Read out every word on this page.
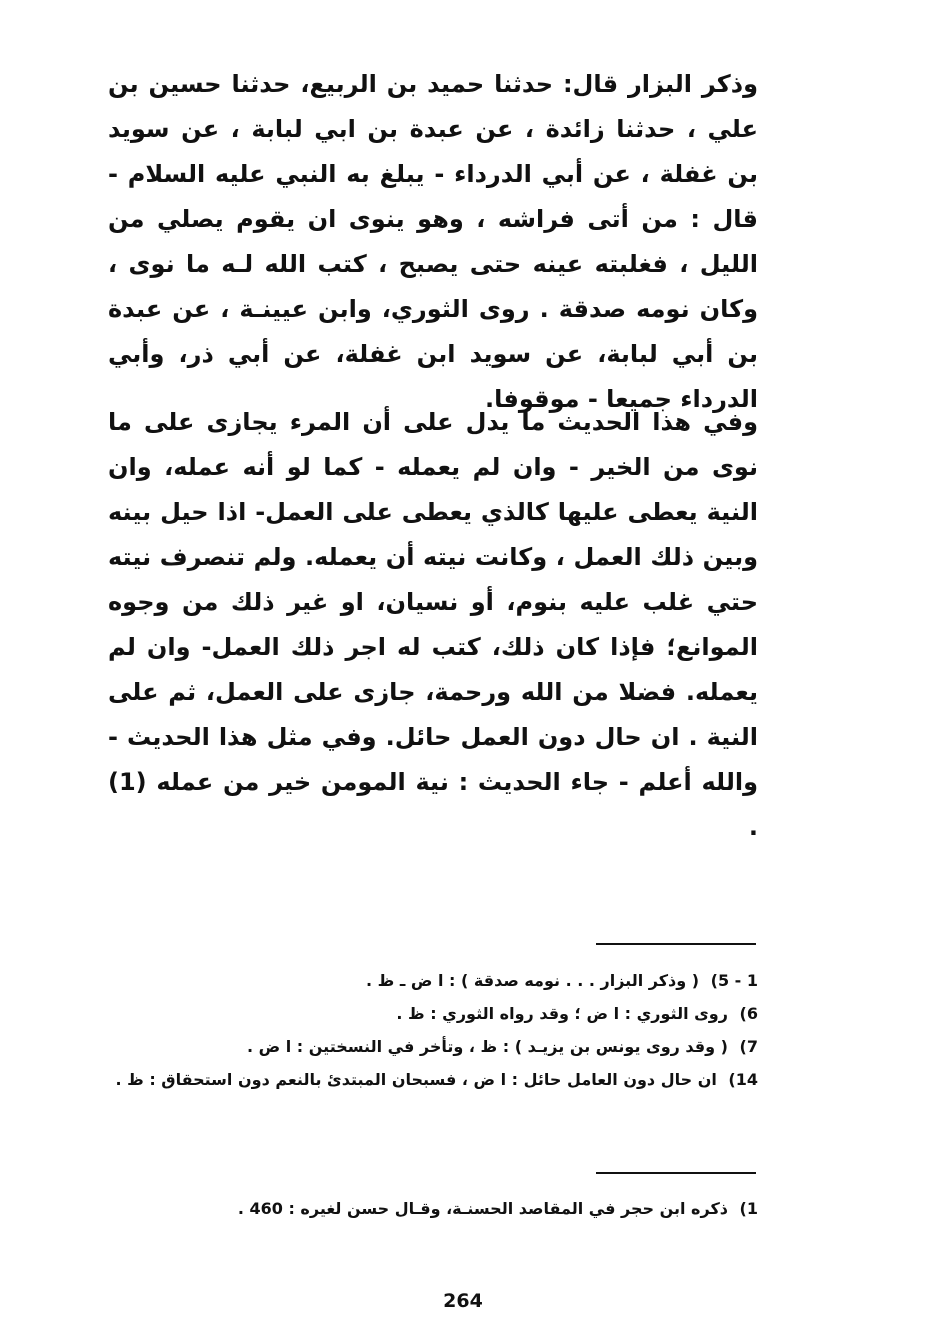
وذكر البزار قال: حدثنا حميد بن الربيع، حدثنا حسين بن علي ، حدثنا زائدة ، عن عبدة بن ابي لبابة ، عن سويد بن غفلة ، عن أبي الدرداء - يبلغ به النبي عليه السلام - قال : من أتى فراشه ، وهو ينوى ان يقوم يصلي من الليل ، فغلبته عينه حتى يصبح ، كتب الله لـه ما نوى ، وكان نومه صدقة . روى الثوري، وابن عيينـة ، عن عبدة بن أبي لبابة، عن سويد ابن غفلة، عن أبي ذر، وأبي الدرداء جميعا - موقوفا.

وفي هذا الحديث ما يدل على أن المرء يجازى على ما نوى من الخير - وان لم يعمله - كما لو أنه عمله، وان النية يعطى عليها كالذي يعطى على العمل- اذا حيل بينه وبين ذلك العمل ، وكانت نيته أن يعمله. ولم تنصرف نيته حتي غلب عليه بنوم، أو نسيان، او غير ذلك من وجوه الموانع؛ فإذا كان ذلك، كتب له اجر ذلك العمل- وان لم يعمله. فضلا من الله ورحمة، جازى على العمل، ثم على النية . ان حال دون العمل حائل. وفي مثل هذا الحديث - والله أعلم - جاء الحديث : نية المومن خير من عمله (1) .

1 - 5) ( وذكر البزار . . . نومه صدقة ) : ا ض ـ ظ .
6) روى الثوري : ا ض ؛ وقد رواه الثوري : ظ .
7) ( وقد روى يونس بن يزيـد ) : ظ ، وتأخر في النسختين : ا ض .
14) ان حال دون العامل حائل : ا ض ، فسبحان المبتدئ بالنعم دون استحقاق : ظ .
1) ذكره ابن حجر في المقاصد الحسنـة، وقـال حسن لغيره : 460 .
264
